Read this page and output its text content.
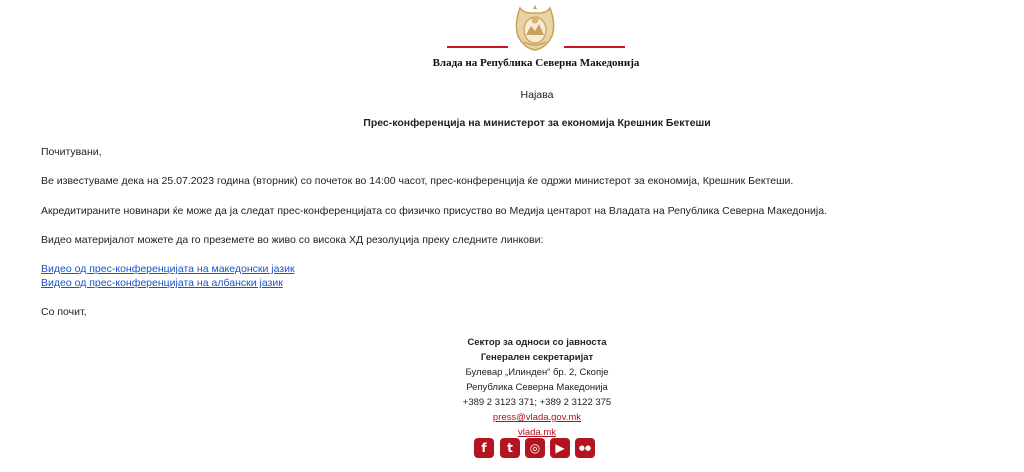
Влада на Република Северна Македонија
Најава
Прес-конференција на министерот за економија Крешник Бектеши
Почитувани,
Ве известуваме дека на 25.07.2023 година (вторник) со почеток во 14:00 часот, прес-конференција ќе одржи министерот за економија, Крешник Бектеши.
Акредитираните новинари ќе може да ја следат прес-конференцијата со физичко присуство во Медија центарот на Владата на Република Северна Македонија.
Видео материјалот можете да го преземете во живо со висока ХД резолуција преку следните линкови:
Видео од прес-конференцијата на македонски јазик
Видео од прес-конференцијата на албански јазик
Со почит,
Сектор за односи со јавноста
Генерален секретаријат
Булевар „Илинден“ бр. 2, Скопје
Република Северна Македонија
+389 2 3123 371; +389 2 3122 375
press@vlada.gov.mk
vlada.mk
f	t	◎	▶	●●
